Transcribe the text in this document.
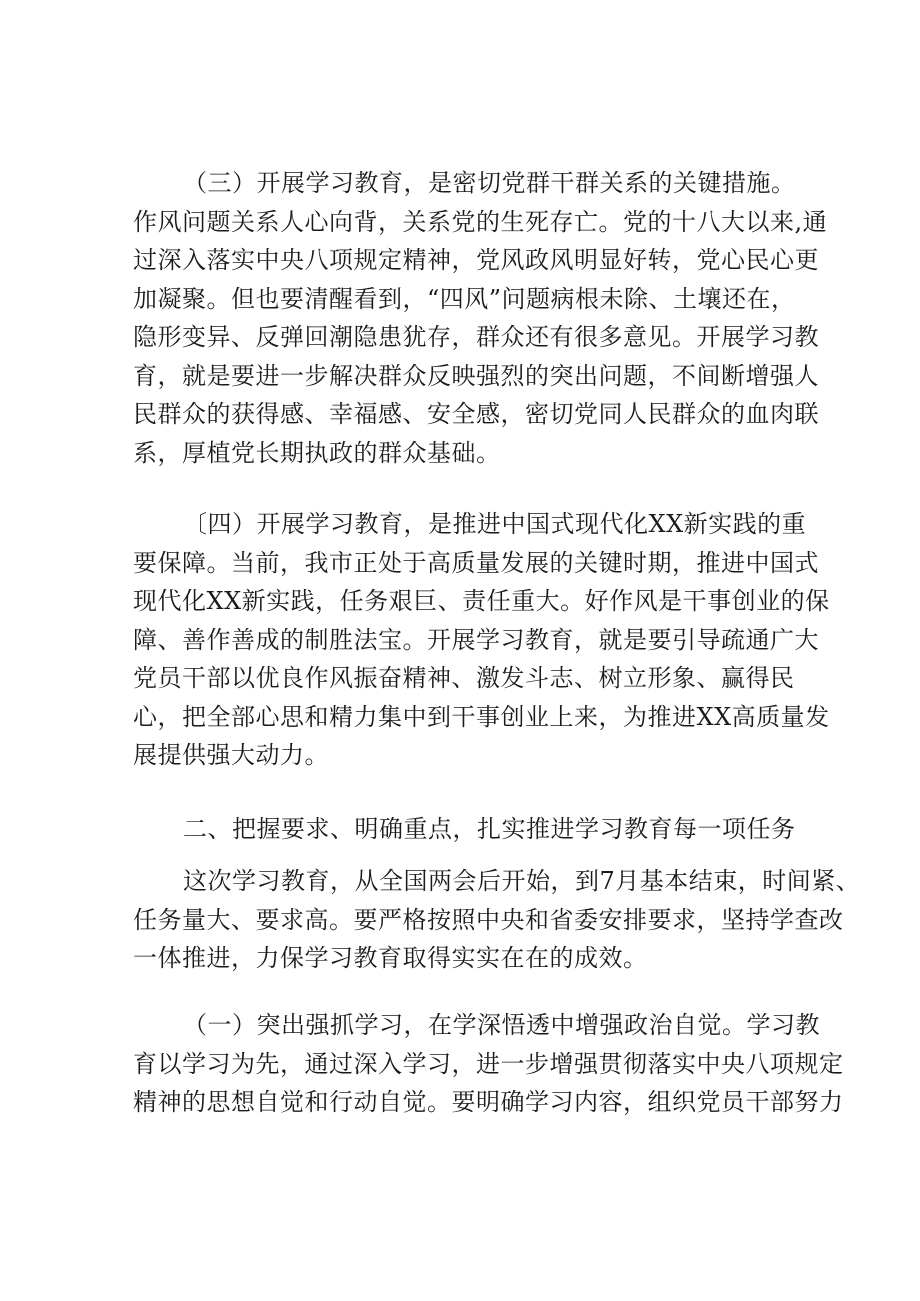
（三）开展学习教育，是密切党群干群关系的关键措施。
作风问题关系人心向背，关系党的生死存亡。党的十八大以来,通
过深入落实中央八项规定精神，党风政风明显好转，党心民心更
加凝聚。但也要清醒看到，“四风”问题病根未除、土壤还在，
隐形变异、反弹回潮隐患犹存，群众还有很多意见。开展学习教
育，就是要进一步解决群众反映强烈的突出问题，不间断增强人
民群众的获得感、幸福感、安全感，密切党同人民群众的血肉联
系，厚植党长期执政的群众基础。
〔四）开展学习教育，是推进中国式现代化XX新实践的重
要保障。当前，我市正处于高质量发展的关键时期，推进中国式
现代化XX新实践，任务艰巨、责任重大。好作风是干事创业的保
障、善作善成的制胜法宝。开展学习教育，就是要引导疏通广大
党员干部以优良作风振奋精神、激发斗志、树立形象、赢得民
心，把全部心思和精力集中到干事创业上来，为推进XX高质量发
展提供强大动力。
二、把握要求、明确重点，扎实推进学习教育每一项任务
这次学习教育，从全国两会后开始，到7月基本结束，时间紧、
任务量大、要求高。要严格按照中央和省委安排要求，坚持学查改
一体推进，力保学习教育取得实实在在的成效。
（一）突出强抓学习，在学深悟透中增强政治自觉。学习教
育以学习为先，通过深入学习，进一步增强贯彻落实中央八项规定
精神的思想自觉和行动自觉。要明确学习内容，组织党员干部努力
